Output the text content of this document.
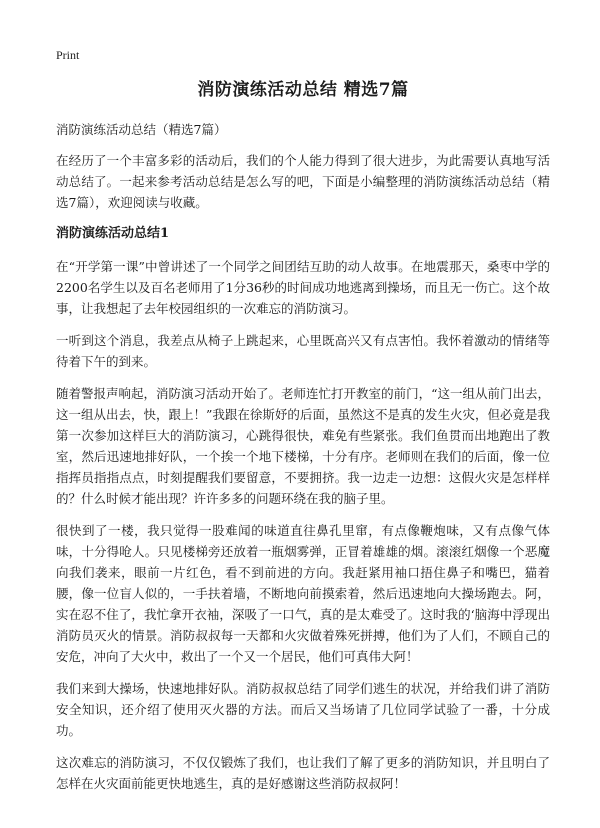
Print
消防演练活动总结 精选7篇

消防演练活动总结（精选7篇）

在经历了一个丰富多彩的活动后，我们的个人能力得到了很大进步，为此需要认真地写活动总结了。一起来参考活动总结是怎么写的吧，下面是小编整理的消防演练活动总结（精选7篇），欢迎阅读与收藏。

消防演练活动总结1

在“开学第一课”中曾讲述了一个同学之间团结互助的动人故事。在地震那天，桑枣中学的2200名学生以及百名老师用了1分36秒的时间成功地逃离到操场，而且无一伤亡。这个故事，让我想起了去年校园组织的一次难忘的消防演习。

一听到这个消息，我差点从椅子上跳起来，心里既高兴又有点害怕。我怀着激动的情绪等待着下午的到来。

随着警报声响起，消防演习活动开始了。老师连忙打开教室的前门，“这一组从前门出去，这一组从出去，快，跟上！”我跟在徐斯妤的后面，虽然这不是真的发生火灾，但必竟是我第一次参加这样巨大的消防演习，心跳得很快，难免有些紧张。我们鱼贯而出地跑出了教室，然后迅速地排好队，一个挨一个地下楼梯，十分有序。老师则在我们的后面，像一位指挥员指指点点，时刻提醒我们要留意，不要拥挤。我一边走一边想：这假火灾是怎样样的？什么时候才能出现？许许多多的问题环绕在我的脑子里。

很快到了一楼，我只觉得一股难闻的味道直往鼻孔里窜，有点像鞭炮味，又有点像气体味，十分得呛人。只见楼梯旁还放着一瓶烟雾弹，正冒着雄雄的烟。滚滚红烟像一个恶魔向我们袭来，眼前一片红色，看不到前进的方向。我赶紧用袖口捂住鼻子和嘴巴，猫着腰，像一位盲人似的，一手扶着墙，不断地向前摸索着，然后迅速地向大操场跑去。阿，实在忍不住了，我忙拿开衣袖，深吸了一口气，真的是太难受了。这时我的‘脑海中浮现出消防员灭火的情景。消防叔叔每一天都和火灾做着殊死拼搏，他们为了人们，不顾自己的安危，冲向了大火中，救出了一个又一个居民，他们可真伟大阿！

我们来到大操场，快速地排好队。消防叔叔总结了同学们逃生的状况，并给我们讲了消防安全知识，还介绍了使用灭火器的方法。而后又当场请了几位同学试验了一番，十分成功。

这次难忘的消防演习，不仅仅锻炼了我们，也让我们了解了更多的消防知识，并且明白了怎样在火灾面前能更快地逃生，真的是好感谢这些消防叔叔阿！
